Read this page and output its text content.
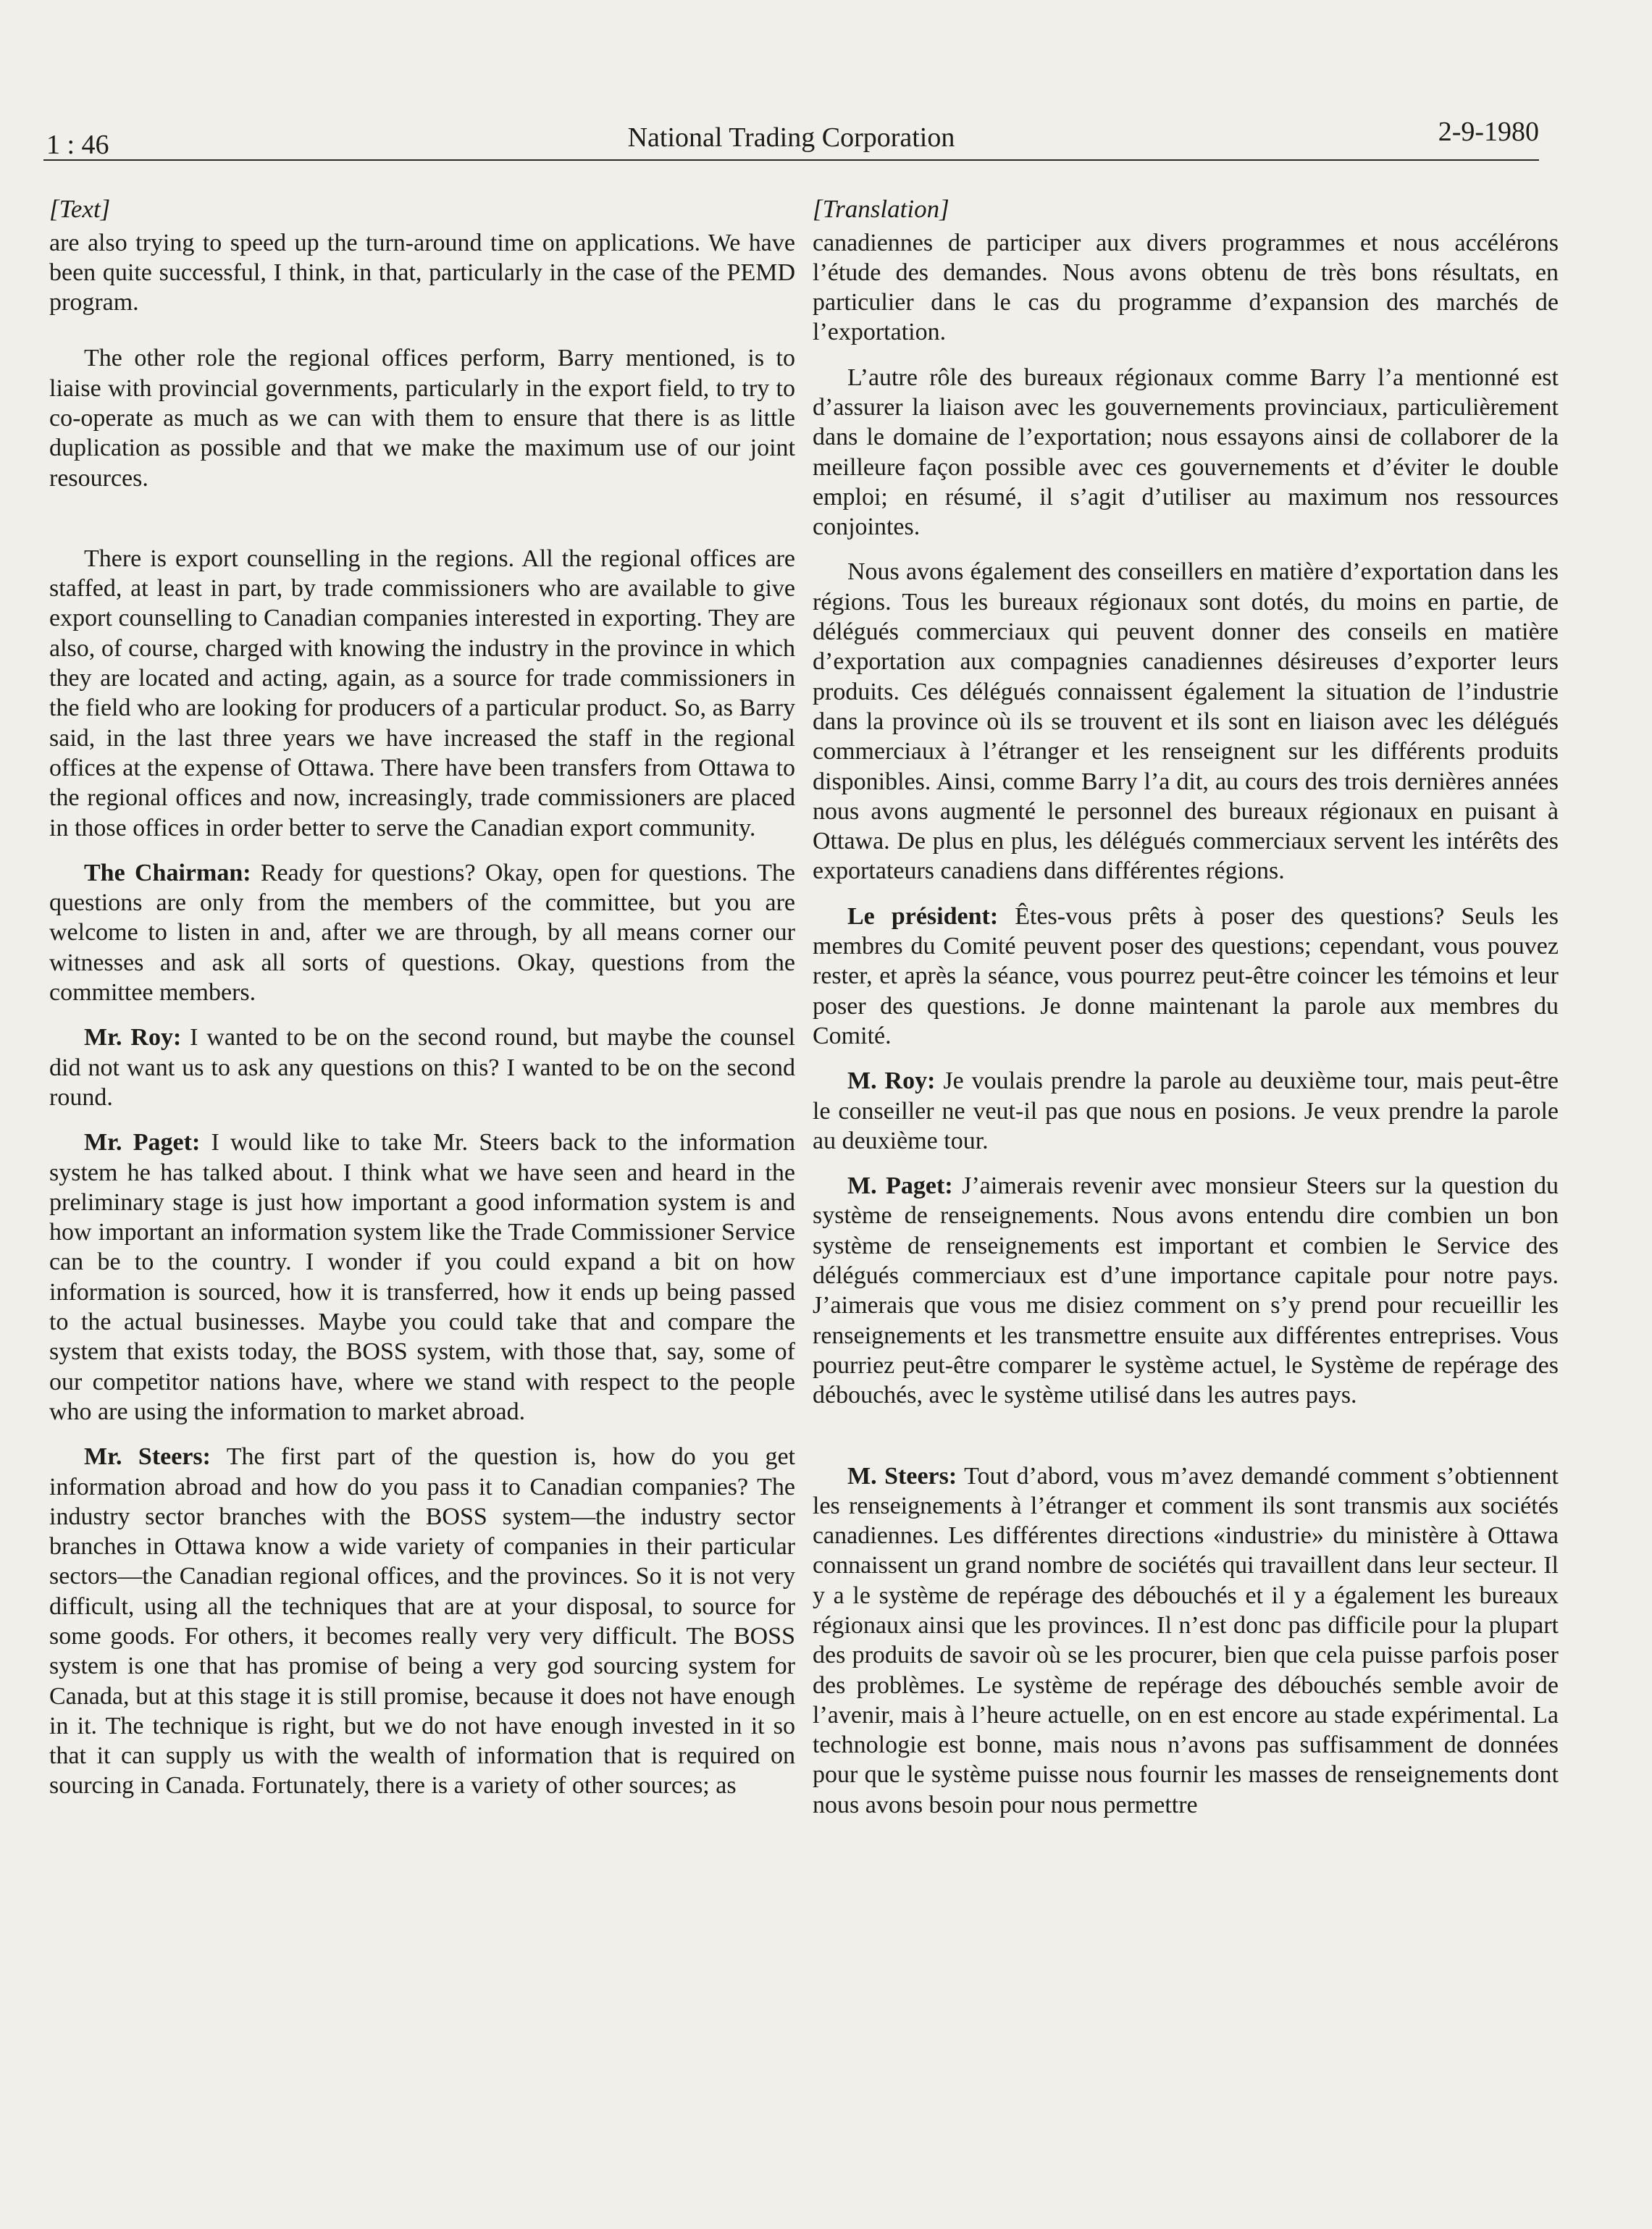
1 : 46	National Trading Corporation	2-9-1980
[Text]

are also trying to speed up the turn-around time on applications. We have been quite successful, I think, in that, particularly in the case of the PEMD program.

The other role the regional offices perform, Barry mentioned, is to liaise with provincial governments, particularly in the export field, to try to co-operate as much as we can with them to ensure that there is as little duplication as possible and that we make the maximum use of our joint resources.

There is export counselling in the regions. All the regional offices are staffed, at least in part, by trade commissioners who are available to give export counselling to Canadian companies interested in exporting. They are also, of course, charged with knowing the industry in the province in which they are located and acting, again, as a source for trade commissioners in the field who are looking for producers of a particular product. So, as Barry said, in the last three years we have increased the staff in the regional offices at the expense of Ottawa. There have been transfers from Ottawa to the regional offices and now, increasingly, trade commissioners are placed in those offices in order better to serve the Canadian export community.

The Chairman: Ready for questions? Okay, open for questions. The questions are only from the members of the committee, but you are welcome to listen in and, after we are through, by all means corner our witnesses and ask all sorts of questions. Okay, questions from the committee members.

Mr. Roy: I wanted to be on the second round, but maybe the counsel did not want us to ask any questions on this? I wanted to be on the second round.

Mr. Paget: I would like to take Mr. Steers back to the information system he has talked about. I think what we have seen and heard in the preliminary stage is just how important a good information system is and how important an information system like the Trade Commissioner Service can be to the country. I wonder if you could expand a bit on how information is sourced, how it is transferred, how it ends up being passed to the actual businesses. Maybe you could take that and compare the system that exists today, the BOSS system, with those that, say, some of our competitor nations have, where we stand with respect to the people who are using the information to market abroad.

Mr. Steers: The first part of the question is, how do you get information abroad and how do you pass it to Canadian companies? The industry sector branches with the BOSS system—the industry sector branches in Ottawa know a wide variety of companies in their particular sectors—the Canadian regional offices, and the provinces. So it is not very difficult, using all the techniques that are at your disposal, to source for some goods. For others, it becomes really very very difficult. The BOSS system is one that has promise of being a very god sourcing system for Canada, but at this stage it is still promise, because it does not have enough in it. The technique is right, but we do not have enough invested in it so that it can supply us with the wealth of information that is required on sourcing in Canada. Fortunately, there is a variety of other sources; as

[Translation]

canadiennes de participer aux divers programmes et nous accélérons l’étude des demandes. Nous avons obtenu de très bons résultats, en particulier dans le cas du programme d’expansion des marchés de l’exportation.

L’autre rôle des bureaux régionaux comme Barry l’a mentionné est d’assurer la liaison avec les gouvernements provinciaux, particulièrement dans le domaine de l’exportation; nous essayons ainsi de collaborer de la meilleure façon possible avec ces gouvernements et d’éviter le double emploi; en résumé, il s’agit d’utiliser au maximum nos ressources conjointes.

Nous avons également des conseillers en matière d’exportation dans les régions. Tous les bureaux régionaux sont dotés, du moins en partie, de délégués commerciaux qui peuvent donner des conseils en matière d’exportation aux compagnies canadiennes désireuses d’exporter leurs produits. Ces délégués connaissent également la situation de l’industrie dans la province où ils se trouvent et ils sont en liaison avec les délégués commerciaux à l’étranger et les renseignent sur les différents produits disponibles. Ainsi, comme Barry l’a dit, au cours des trois dernières années nous avons augmenté le personnel des bureaux régionaux en puisant à Ottawa. De plus en plus, les délégués commerciaux servent les intérêts des exportateurs canadiens dans différentes régions.

Le président: Êtes-vous prêts à poser des questions? Seuls les membres du Comité peuvent poser des questions; cependant, vous pouvez rester, et après la séance, vous pourrez peut-être coincer les témoins et leur poser des questions. Je donne maintenant la parole aux membres du Comité.

M. Roy: Je voulais prendre la parole au deuxième tour, mais peut-être le conseiller ne veut-il pas que nous en posions. Je veux prendre la parole au deuxième tour.

M. Paget: J’aimerais revenir avec monsieur Steers sur la question du système de renseignements. Nous avons entendu dire combien un bon système de renseignements est important et combien le Service des délégués commerciaux est d’une importance capitale pour notre pays. J’aimerais que vous me disiez comment on s’y prend pour recueillir les renseignements et les transmettre ensuite aux différentes entreprises. Vous pourriez peut-être comparer le système actuel, le Système de repérage des débouchés, avec le système utilisé dans les autres pays.

M. Steers: Tout d’abord, vous m’avez demandé comment s’obtiennent les renseignements à l’étranger et comment ils sont transmis aux sociétés canadiennes. Les différentes directions «industrie» du ministère à Ottawa connaissent un grand nombre de sociétés qui travaillent dans leur secteur. Il y a le système de repérage des débouchés et il y a également les bureaux régionaux ainsi que les provinces. Il n’est donc pas difficile pour la plupart des produits de savoir où se les procurer, bien que cela puisse parfois poser des problèmes. Le système de repérage des débouchés semble avoir de l’avenir, mais à l’heure actuelle, on en est encore au stade expérimental. La technologie est bonne, mais nous n’avons pas suffisamment de données pour que le système puisse nous fournir les masses de renseignements dont nous avons besoin pour nous permettre
